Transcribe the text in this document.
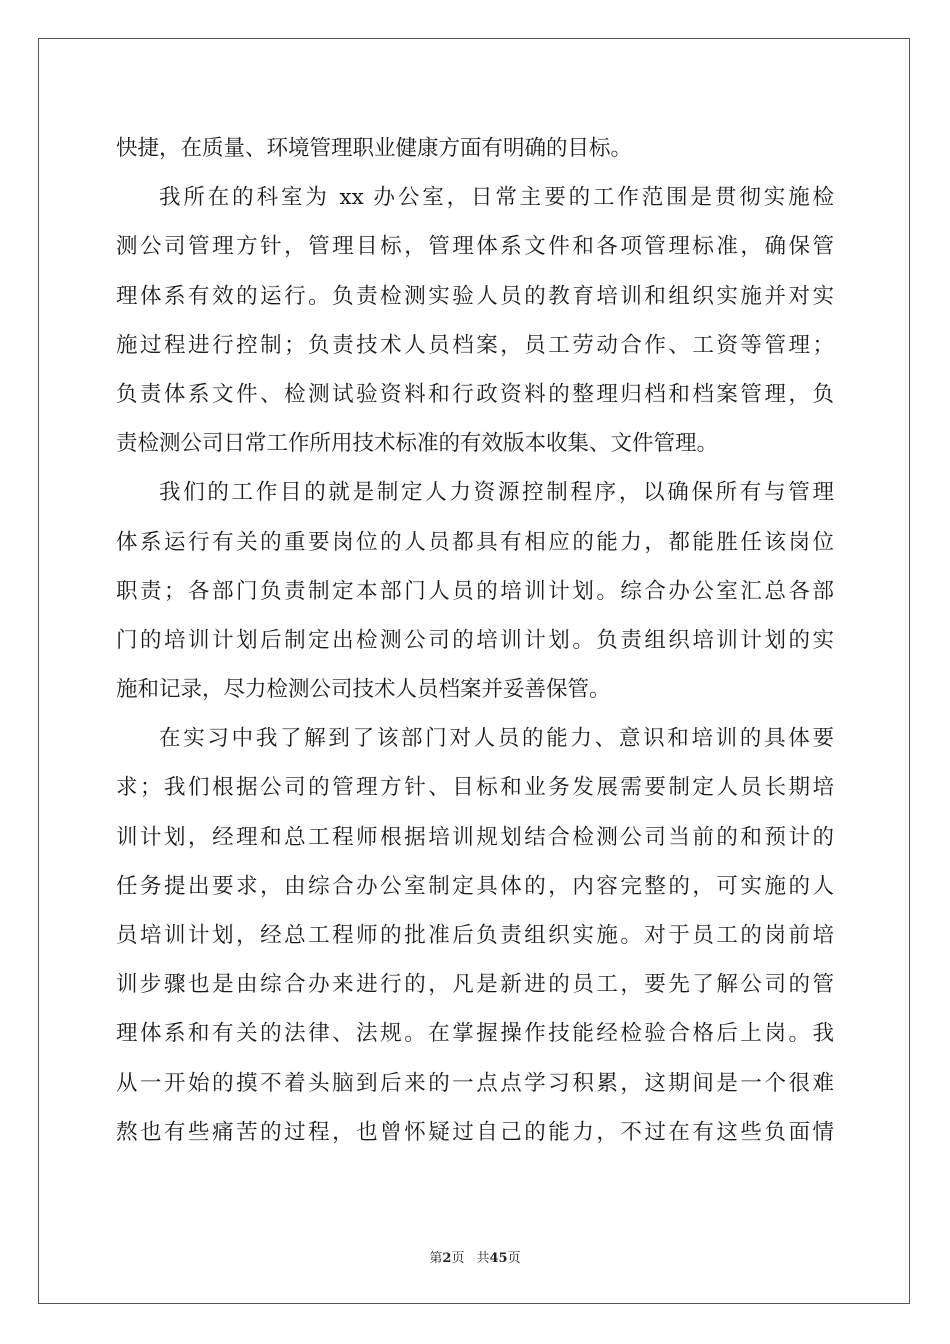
快捷，在质量、环境管理职业健康方面有明确的目标。
我所在的科室为 xx 办公室，日常主要的工作范围是贯彻实施检
测公司管理方针，管理目标，管理体系文件和各项管理标准，确保管
理体系有效的运行。负责检测实验人员的教育培训和组织实施并对实
施过程进行控制；负责技术人员档案，员工劳动合作、工资等管理；
负责体系文件、检测试验资料和行政资料的整理归档和档案管理，负
责检测公司日常工作所用技术标准的有效版本收集、文件管理。
我们的工作目的就是制定人力资源控制程序，以确保所有与管理
体系运行有关的重要岗位的人员都具有相应的能力，都能胜任该岗位
职责；各部门负责制定本部门人员的培训计划。综合办公室汇总各部
门的培训计划后制定出检测公司的培训计划。负责组织培训计划的实
施和记录，尽力检测公司技术人员档案并妥善保管。
在实习中我了解到了该部门对人员的能力、意识和培训的具体要
求；我们根据公司的管理方针、目标和业务发展需要制定人员长期培
训计划，经理和总工程师根据培训规划结合检测公司当前的和预计的
任务提出要求，由综合办公室制定具体的，内容完整的，可实施的人
员培训计划，经总工程师的批准后负责组织实施。对于员工的岗前培
训步骤也是由综合办来进行的，凡是新进的员工，要先了解公司的管
理体系和有关的法律、法规。在掌握操作技能经检验合格后上岗。我
从一开始的摸不着头脑到后来的一点点学习积累，这期间是一个很难
熬也有些痛苦的过程，也曾怀疑过自己的能力，不过在有这些负面情
第2页 共45页
